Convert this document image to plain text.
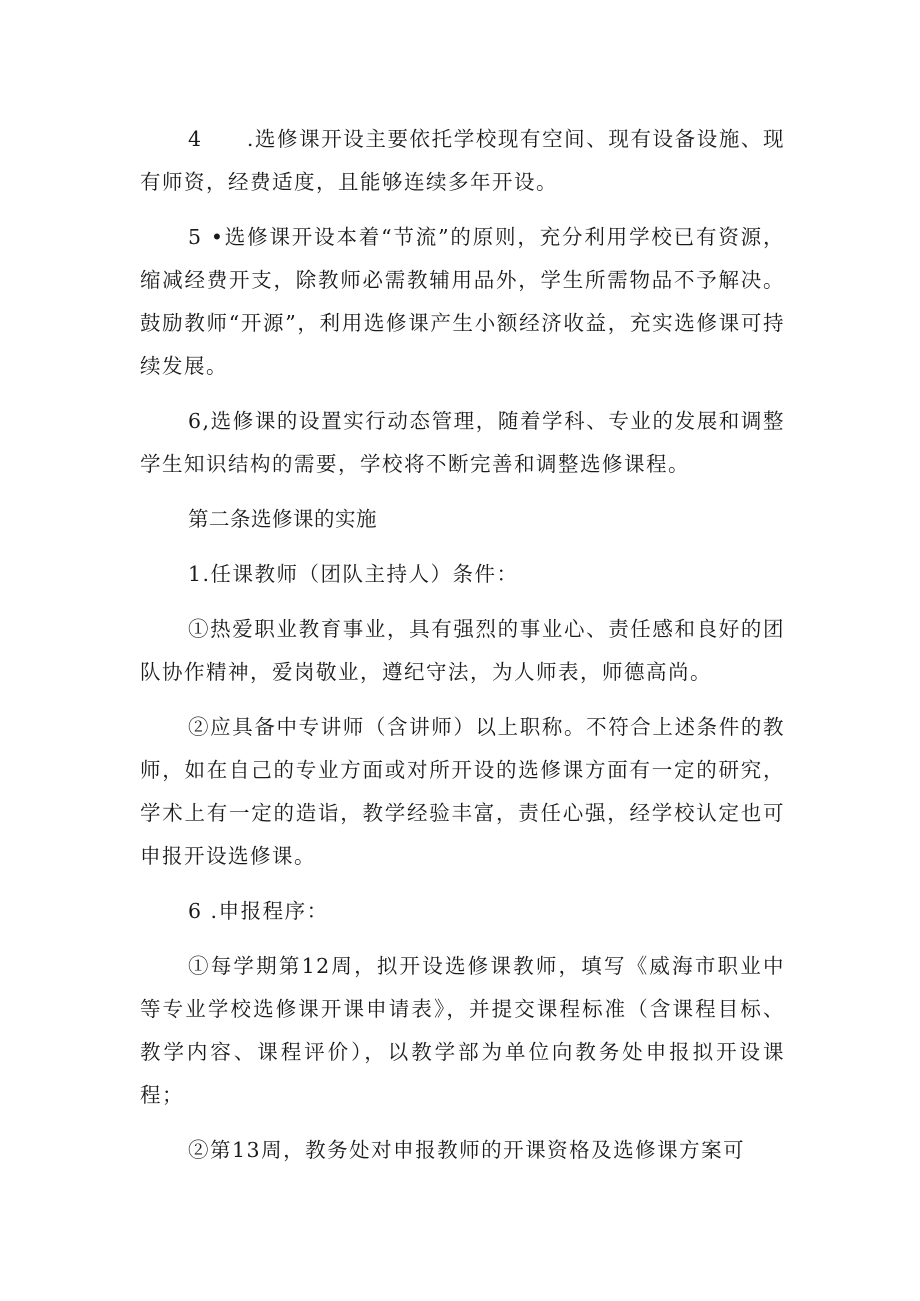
4　　.选修课开设主要依托学校现有空间、现有设备设施、现有师资，经费适度，且能够连续多年开设。

5 •选修课开设本着“节流”的原则，充分利用学校已有资源，缩减经费开支，除教师必需教辅用品外，学生所需物品不予解决。鼓励教师“开源”，利用选修课产生小额经济收益，充实选修课可持续发展。

6,选修课的设置实行动态管理，随着学科、专业的发展和调整学生知识结构的需要，学校将不断完善和调整选修课程。

第二条选修课的实施

1.任课教师（团队主持人）条件：

①热爱职业教育事业，具有强烈的事业心、责任感和良好的团队协作精神，爱岗敬业，遵纪守法，为人师表，师德高尚。

②应具备中专讲师（含讲师）以上职称。不符合上述条件的教师，如在自己的专业方面或对所开设的选修课方面有一定的研究，学术上有一定的造诣，教学经验丰富，责任心强，经学校认定也可申报开设选修课。

6 .申报程序：

①每学期第12周，拟开设选修课教师，填写《威海市职业中等专业学校选修课开课申请表》，并提交课程标准（含课程目标、教学内容、课程评价），以教学部为单位向教务处申报拟开设课程；

②第13周，教务处对申报教师的开课资格及选修课方案可
